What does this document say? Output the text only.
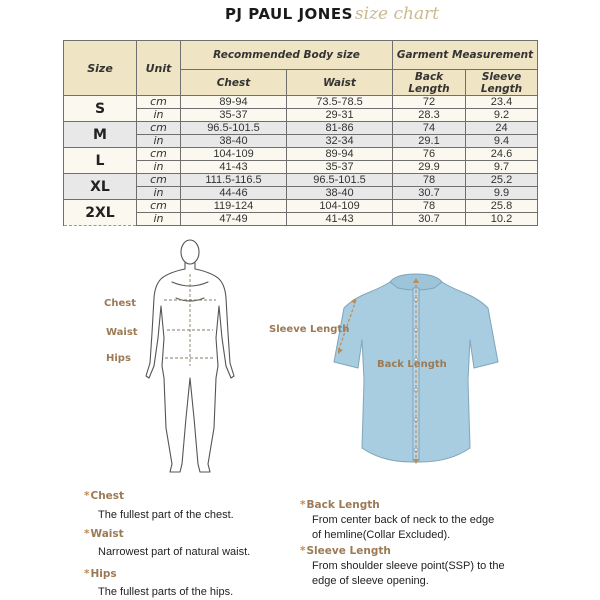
PJ PAUL JONES size chart
Size	Unit	Recommended Body size		Garment Measurement	
		Chest	Waist	Back Length	Sleeve Length
S	cm	89-94	73.5-78.5	72	23.4
	in	35-37	29-31	28.3	9.2
M	cm	96.5-101.5	81-86	74	24
	in	38-40	32-34	29.1	9.4
L	cm	104-109	89-94	76	24.6
	in	41-43	35-37	29.9	9.7
XL	cm	111.5-116.5	96.5-101.5	78	25.2
	in	44-46	38-40	30.7	9.9
2XL	cm	119-124	104-109	78	25.8
	in	47-49	41-43	30.7	10.2
Chest
Waist
Hips
Sleeve Length
Back Length
*Chest
The fullest part of the chest.
*Waist
Narrowest part of natural waist.
*Hips
The fullest parts of the hips.
*Back Length
From center back of neck to the edge
of hemline(Collar Excluded).
*Sleeve Length
From shoulder sleeve point(SSP) to the
edge of sleeve opening.
